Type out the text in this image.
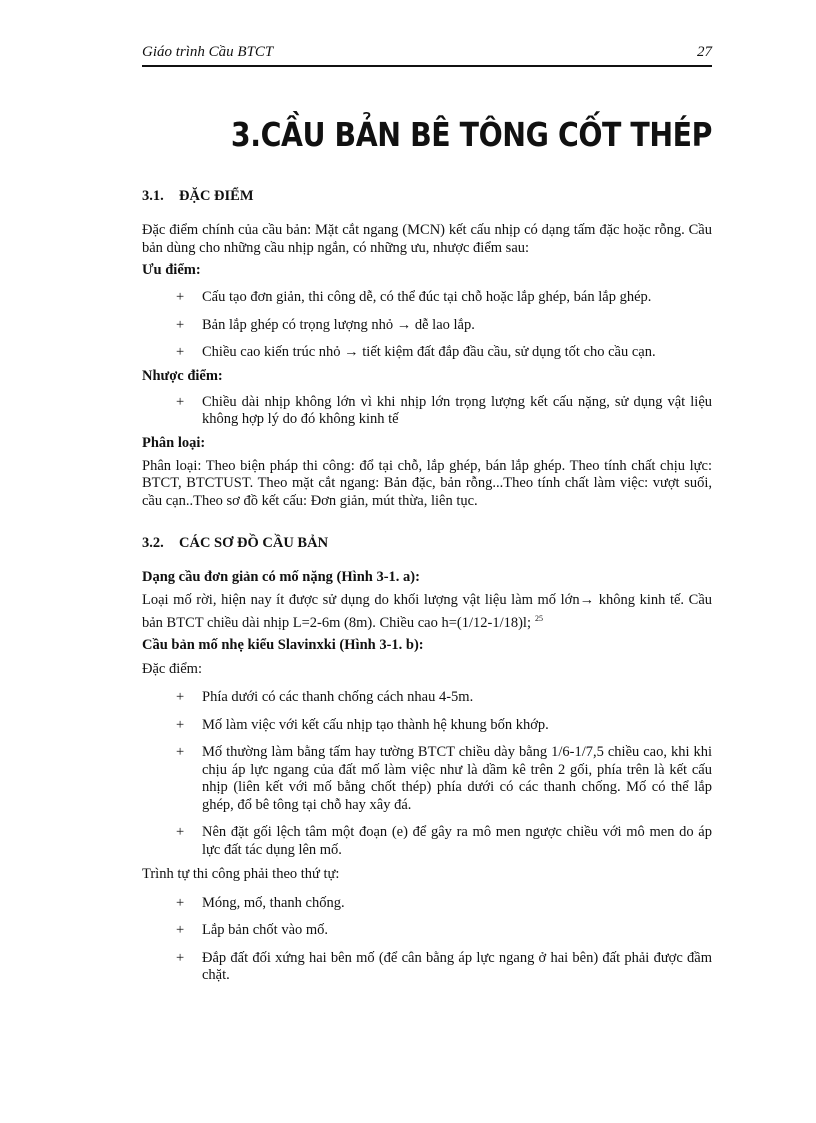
Giáo trình Cầu BTCT	27
3.CẦU BẢN BÊ TÔNG CỐT THÉP
3.1. ĐẶC ĐIỂM

Đặc điểm chính của cầu bản: Mặt cắt ngang (MCN) kết cấu nhịp có dạng tấm đặc hoặc rỗng. Cầu bản dùng cho những cầu nhịp ngắn, có những ưu, nhược điểm sau:

Ưu điểm:
+ Cấu tạo đơn giản, thi công dễ, có thể đúc tại chỗ hoặc lắp ghép, bán lắp ghép.
+ Bản lắp ghép có trọng lượng nhỏ → dễ lao lắp.
+ Chiều cao kiến trúc nhỏ → tiết kiệm đất đắp đầu cầu, sử dụng tốt cho cầu cạn.
Nhược điểm:
+ Chiều dài nhịp không lớn vì khi nhịp lớn trọng lượng kết cấu nặng, sử dụng vật liệu không hợp lý do đó không kinh tế
Phân loại:

Phân loại: Theo biện pháp thi công: đổ tại chỗ, lắp ghép, bán lắp ghép. Theo tính chất chịu lực: BTCT, BTCTUST. Theo mặt cắt ngang: Bản đặc, bản rỗng...Theo tính chất làm việc: vượt suối, cầu cạn..Theo sơ đồ kết cấu: Đơn giản, mút thừa, liên tục.

3.2. CÁC SƠ ĐỒ CẦU BẢN
Dạng cầu đơn giản có mố nặng (Hình 3-1. a):

Loại mố rời, hiện nay ít được sử dụng do khối lượng vật liệu làm mố lớn→ không kinh tế. Cầu bản BTCT chiều dài nhịp L=2-6m (8m). Chiều cao h=(1/12-1/18)l; $^{25}$

Cầu bản mố nhẹ kiểu Slavinxki (Hình 3-1. b):

Đặc điểm:

+ Phía dưới có các thanh chống cách nhau 4-5m.
+ Mố làm việc với kết cấu nhịp tạo thành hệ khung bốn khớp.
+ Mố thường làm bằng tấm hay tường BTCT chiều dày bằng 1/6-1/7,5 chiều cao, khi khi chịu áp lực ngang của đất mố làm việc như là dầm kê trên 2 gối, phía trên là kết cấu nhịp (liên kết với mố bằng chốt thép) phía dưới có các thanh chống. Mố có thể lắp ghép, đổ bê tông tại chỗ hay xây đá.
+ Nên đặt gối lệch tâm một đoạn (e) để gây ra mô men ngược chiều với mô men do áp lực đất tác dụng lên mố.

Trình tự thi công phải theo thứ tự:

+ Móng, mố, thanh chống.
+ Lắp bản chốt vào mố.
+ Đắp đất đối xứng hai bên mố (để cân bằng áp lực ngang ở hai bên) đất phải được đầm chặt.
